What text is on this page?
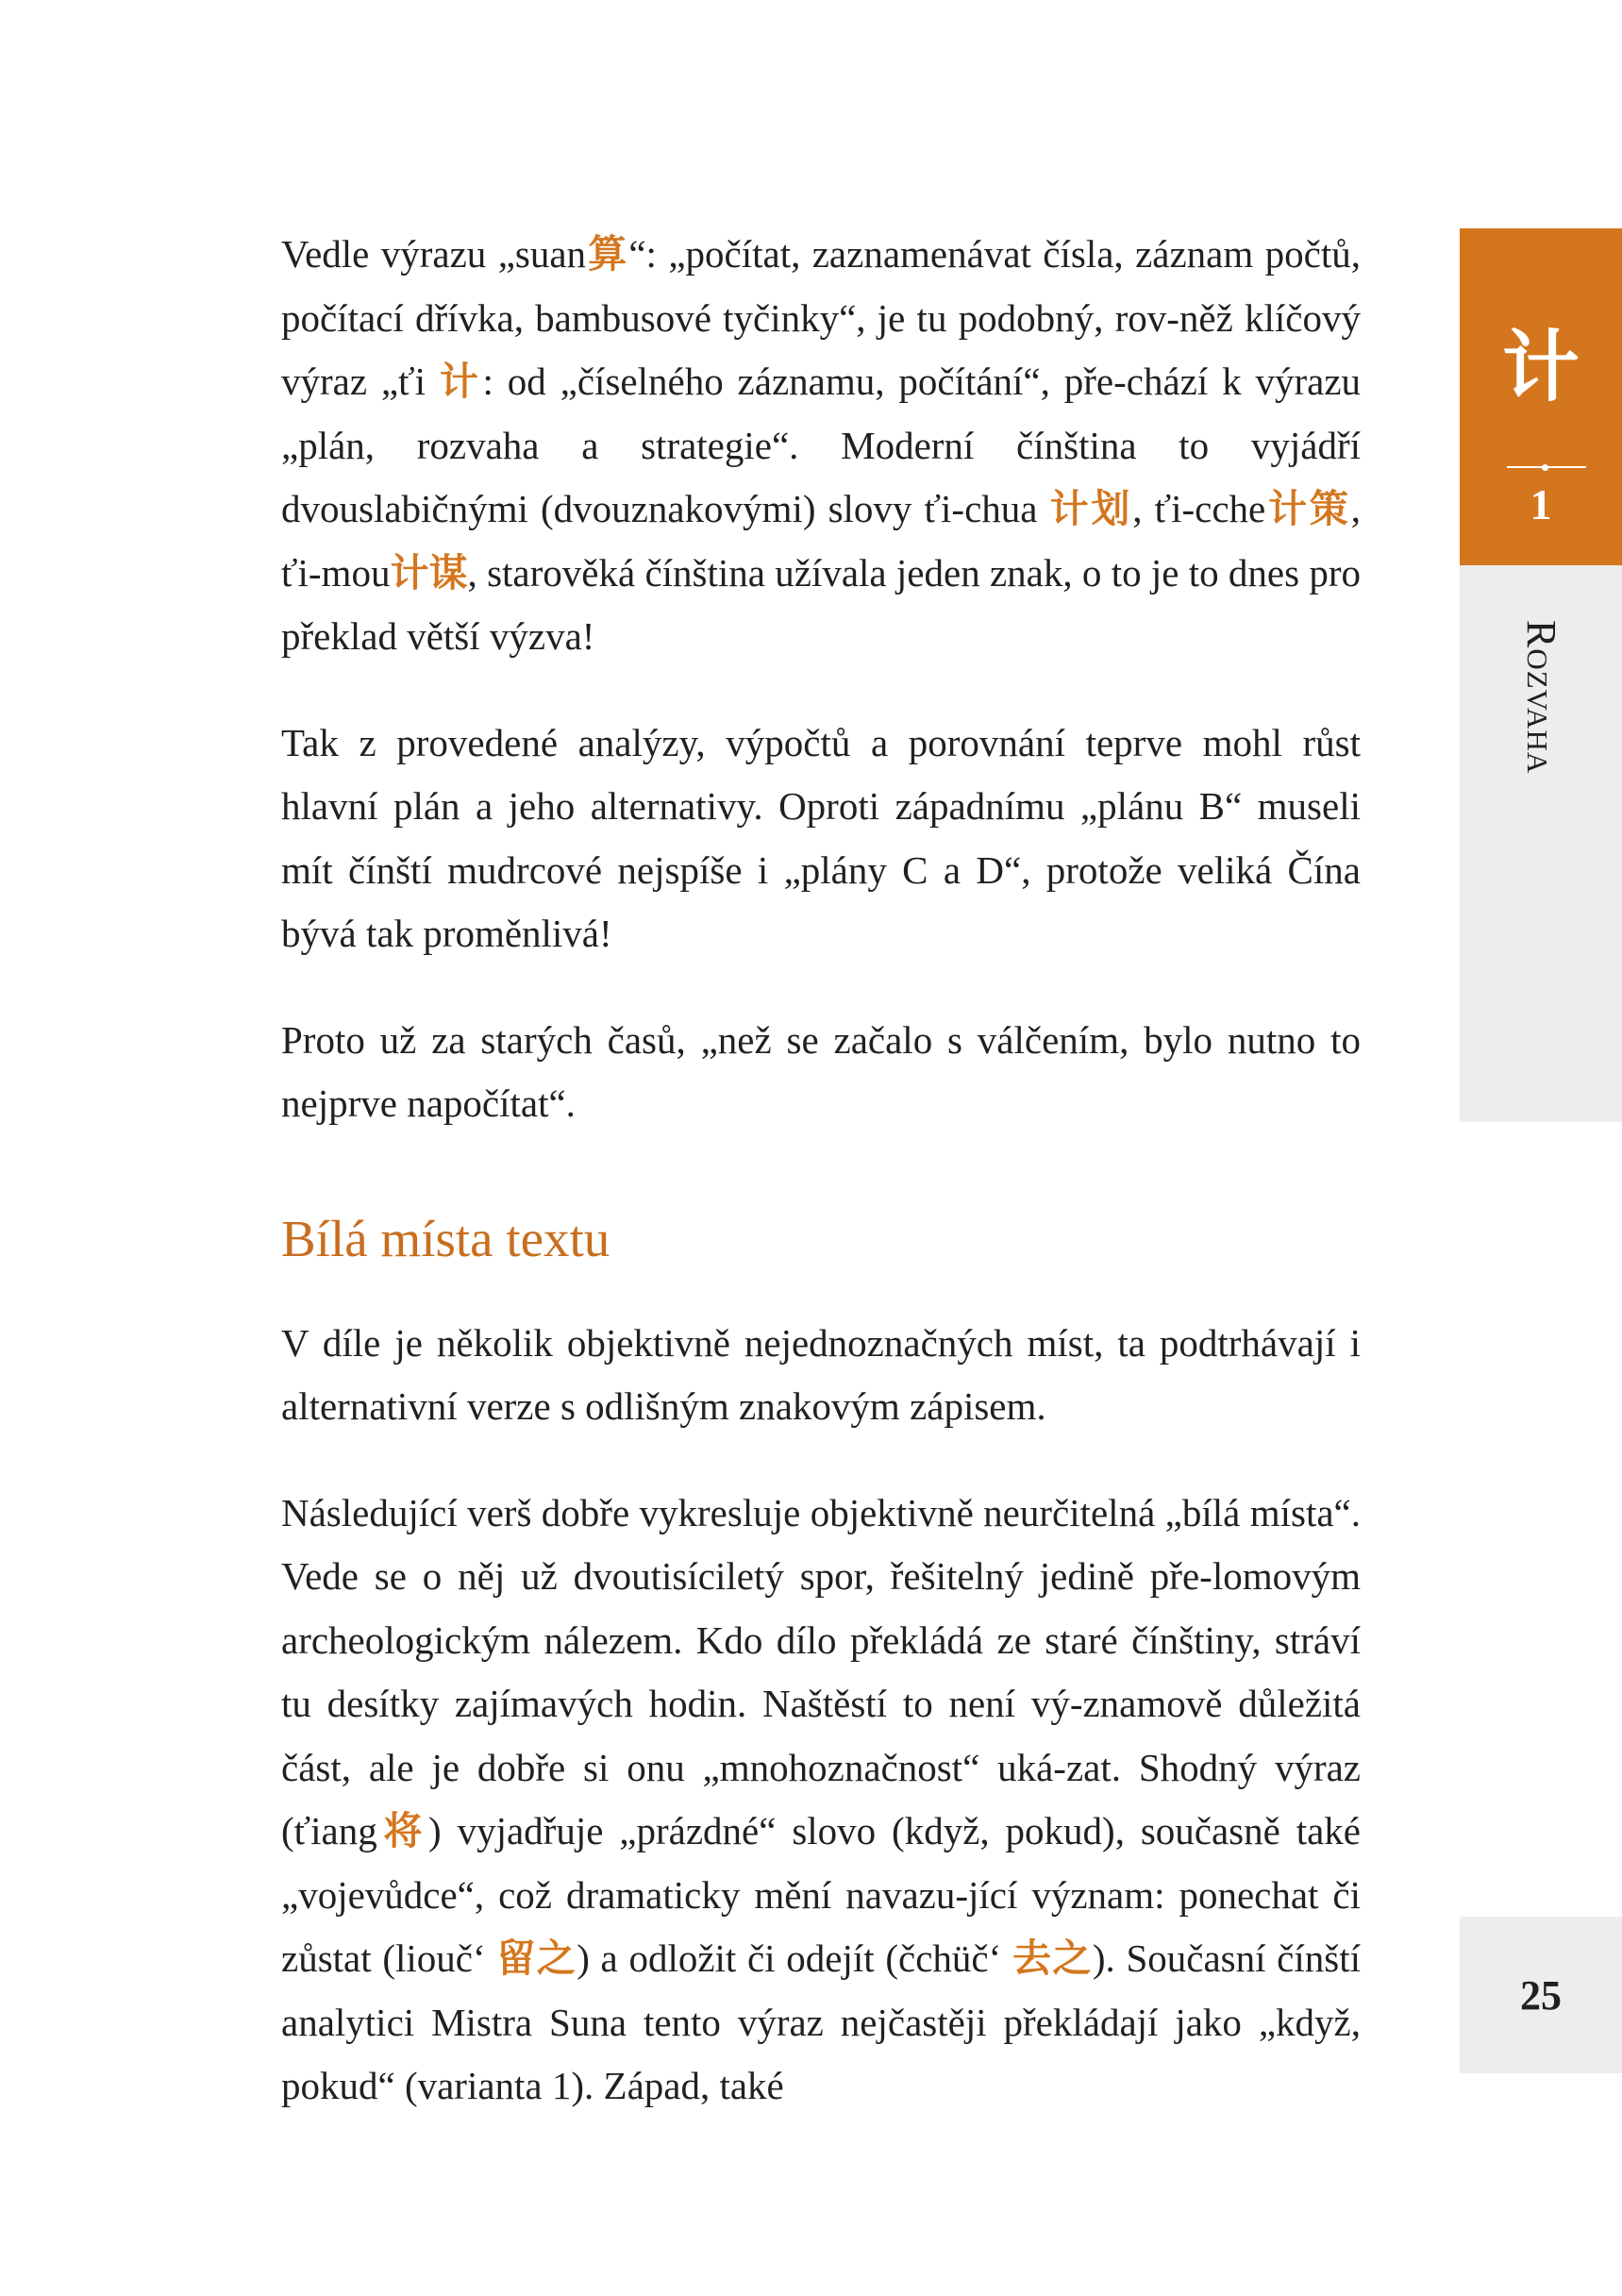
Vedle výrazu „suan算“: „počítat, zaznamenávat čísla, záznam počtů, počítací dřívka, bambusové tyčinky“, je tu podobný, rov-něž klíčový výraz „ťi 计: od „číselného záznamu, počítání“, pře-chází k výrazu „plán, rozvaha a strategie“. Moderní čínština to vyjádří dvouslabičnými (dvouznakovými) slovy ťi-chua 计划, ťi-cche计策, ťi-mou计谋, starověká čínština užívala jeden znak, o to je to dnes pro překlad větší výzva!

Tak z provedené analýzy, výpočtů a porovnání teprve mohl růst hlavní plán a jeho alternativy. Oproti západnímu „plánu B“ museli mít čínští mudrcové nejspíše i „plány C a D“, protože veliká Čína bývá tak proměnlivá!

Proto už za starých časů, „než se začalo s válčením, bylo nutno to nejprve napočítat“.

Bílá místa textu

V díle je několik objektivně nejednoznačných míst, ta podtrhávají i alternativní verze s odlišným znakovým zápisem.

Následující verš dobře vykresluje objektivně neurčitelná „bílá místa“. Vede se o něj už dvoutisíciletý spor, řešitelný jedině pře-lomovým archeologickým nálezem. Kdo dílo překládá ze staré čínštiny, stráví tu desítky zajímavých hodin. Naštěstí to není vý-znamově důležitá část, ale je dobře si onu „mnohoznačnost“ uká-zat. Shodný výraz (ťiang将) vyjadřuje „prázdné“ slovo (když, pokud), současně také „vojevůdce“, což dramaticky mění navazu-jící význam: ponechat či zůstat (liouč‘ 留之) a odložit či odejít (čchüč‘ 去之). Současní čínští analytici Mistra Suna tento výraz nejčastěji překládají jako „když, pokud“ (varianta 1). Západ, také

计
1
Rozvaha
25
